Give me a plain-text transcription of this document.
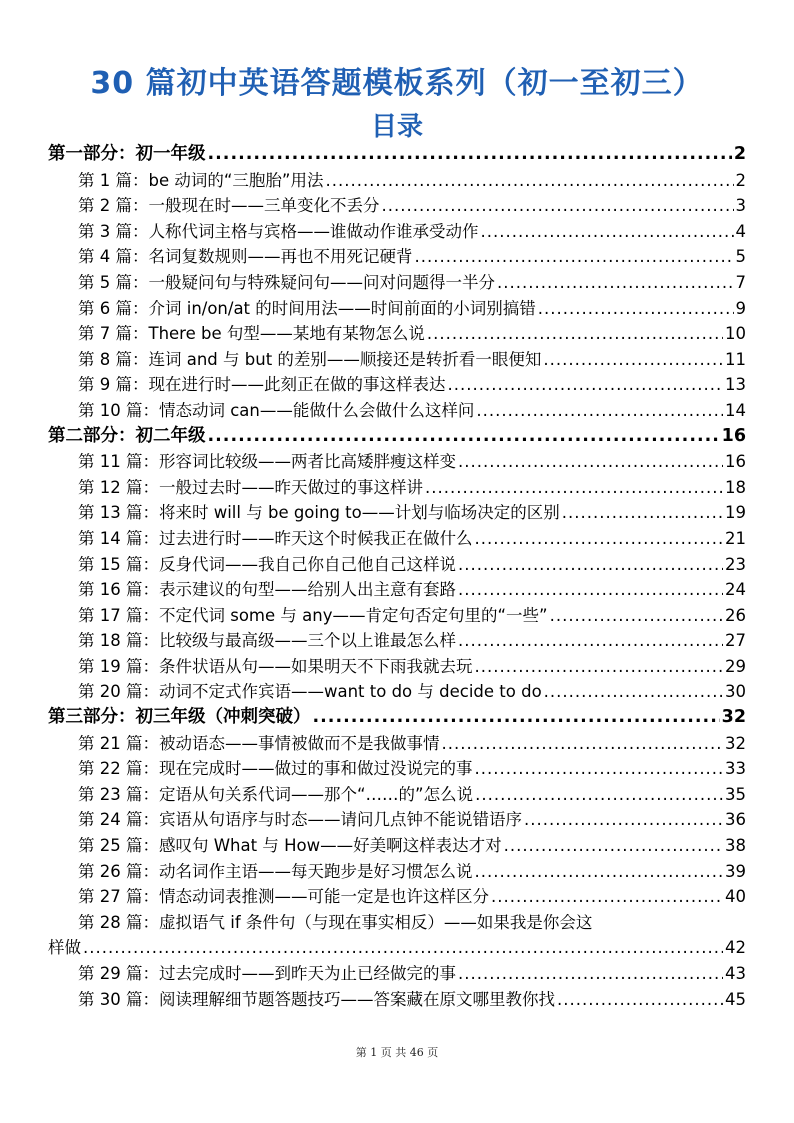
30 篇初中英语答题模板系列（初一至初三）
目录
第一部分：初一年级 .....	2
第 1 篇：be 动词的“三胞胎”用法 .....	2
第 2 篇：一般现在时——三单变化不丢分 .....	3
第 3 篇：人称代词主格与宾格——谁做动作谁承受动作 .....	4
第 4 篇：名词复数规则——再也不用死记硬背 .....	5
第 5 篇：一般疑问句与特殊疑问句——问对问题得一半分 .....	7
第 6 篇：介词 in/on/at 的时间用法——时间前面的小词别搞错 .....	9
第 7 篇：There be 句型——某地有某物怎么说 .....	10
第 8 篇：连词 and 与 but 的差别——顺接还是转折看一眼便知 .....	11
第 9 篇：现在进行时——此刻正在做的事这样表达 .....	13
第 10 篇：情态动词 can——能做什么会做什么这样问 .....	14
第二部分：初二年级 .....	16
第 11 篇：形容词比较级——两者比高矮胖瘦这样变 .....	16
第 12 篇：一般过去时——昨天做过的事这样讲 .....	18
第 13 篇：将来时 will 与 be going to——计划与临场决定的区别 .....	19
第 14 篇：过去进行时——昨天这个时候我正在做什么 .....	21
第 15 篇：反身代词——我自己你自己他自己这样说 .....	23
第 16 篇：表示建议的句型——给别人出主意有套路 .....	24
第 17 篇：不定代词 some 与 any——肯定句否定句里的“一些” .....	26
第 18 篇：比较级与最高级——三个以上谁最怎么样 .....	27
第 19 篇：条件状语从句——如果明天不下雨我就去玩 .....	29
第 20 篇：动词不定式作宾语——want to do 与 decide to do .....	30
第三部分：初三年级（冲刺突破） .....	32
第 21 篇：被动语态——事情被做而不是我做事情 .....	32
第 22 篇：现在完成时——做过的事和做过没说完的事 .....	33
第 23 篇：定语从句关系代词——那个“……的”怎么说 .....	35
第 24 篇：宾语从句语序与时态——请问几点钟不能说错语序 .....	36
第 25 篇：感叹句 What 与 How——好美啊这样表达才对 .....	38
第 26 篇：动名词作主语——每天跑步是好习惯怎么说 .....	39
第 27 篇：情态动词表推测——可能一定是也许这样区分 .....	40
第 28 篇：虚拟语气 if 条件句（与现在事实相反）——如果我是你会这
样做 .....	42
第 29 篇：过去完成时——到昨天为止已经做完的事 .....	43
第 30 篇：阅读理解细节题答题技巧——答案藏在原文哪里教你找 .....	45
第 1 页 共 46 页
